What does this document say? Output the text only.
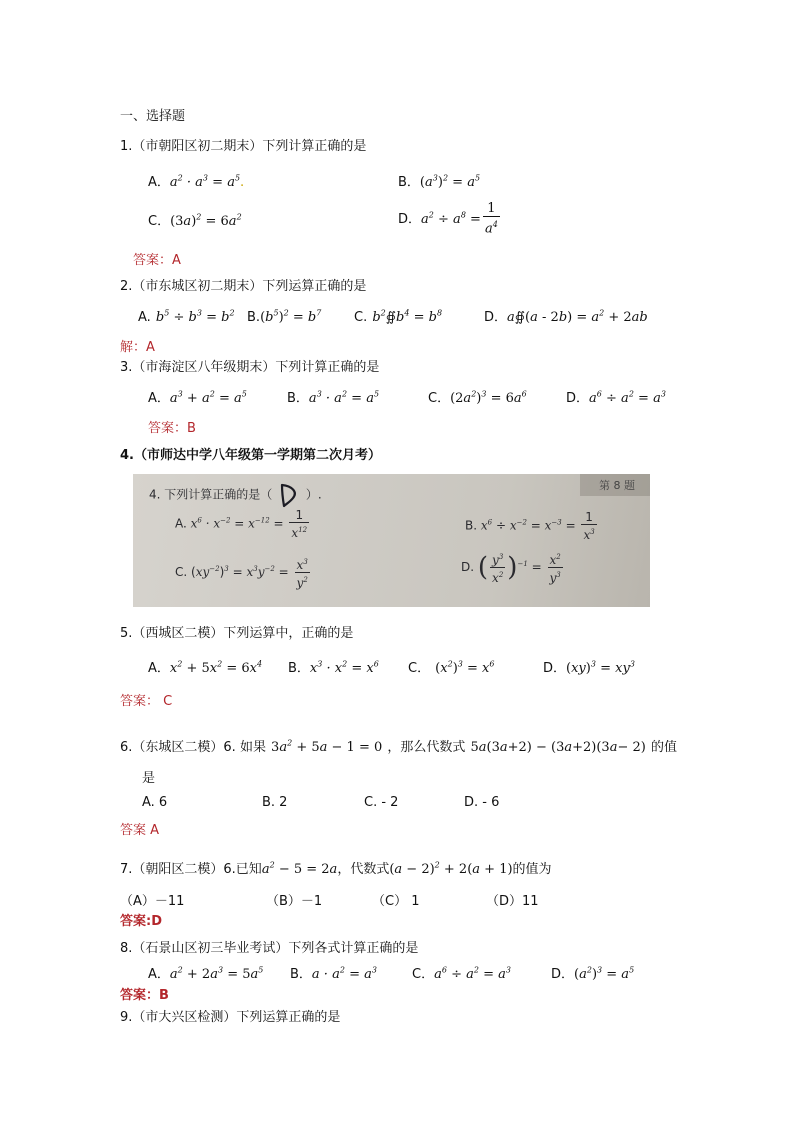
一、选择题
1.（市朝阳区初二期末）下列计算正确的是
A．$a^2 \cdot a^3 = a^5$.	B．$(a^3)^2 = a^5$
C．$(3a)^2 = 6a^2$	D．$a^2 \div a^8 = \frac{1}{a^4}$
答案：A
2.（市东城区初二期末）下列运算正确的是
A. $b^5 \div b^3 = b^2$ $B.(b^5)^2 = b^7$	C. $b^2∯b^4 = b^8$	D．a∯(a - $2b) = a^2 + 2ab$
解：A
3.（市海淀区八年级期末）下列计算正确的是
A．$a^3 + a^2 = a^5$	B．$a^3 \cdot a^2 = a^5$	C．$(2a^2)^3 = 6a^6$	D．$a^6 \div a^2 = a^3$
答案：B
4.（市师达中学八年级第一学期第二次月考）
第 8 题
4. 下列计算正确的是（	）.
A. $x^6 \cdot x^{-2} = x^{-12} = \frac{1}{x^{12}}$	B. $x^6 \div x^{-2} = x^{-3} = \frac{1}{x^3}$
C. $(xy^{-2})^3 = x^3y^{-2} = \frac{x^3}{y^2}$	D. ( $\frac{y^3}{x^2} )^{-1} = \frac{x^2}{y^3}$
5.（西城区二模）下列运算中，正确的是
A．$x^2 + 5x^2 = 6x^4$ B．$x^3 \cdot x^2 = x^6$ C． $(x^2)^3 = x^6$	D．$(xy)^3 = xy^3$
答案： C
6.（东城区二模）6. 如果 $3a^2 + 5a - 1 = 0$ ，那么代数式 5a(3a+2) − (3a+2)(3a− 2) 的值
是
A. 6	B. 2	C. - 2	D. - 6
答案 A
7.（朝阳区二模）6.已知$a^2 - 5 = 2a$，代数式$(a - 2)^2 + 2(a + 1)$的值为
（A）－11	（B）－1	（C） 1	（D）11
答案:D
8.（石景山区初三毕业考试）下列各式计算正确的是
A．$a^2 + 2a^3 = 5a^5$ B．$a \cdot a^2 = a^3$	C．$a^6 \div a^2 = a^3$	D．$(a^2)^3 = a^5$
答案：B
9.（市大兴区检测）下列运算正确的是
